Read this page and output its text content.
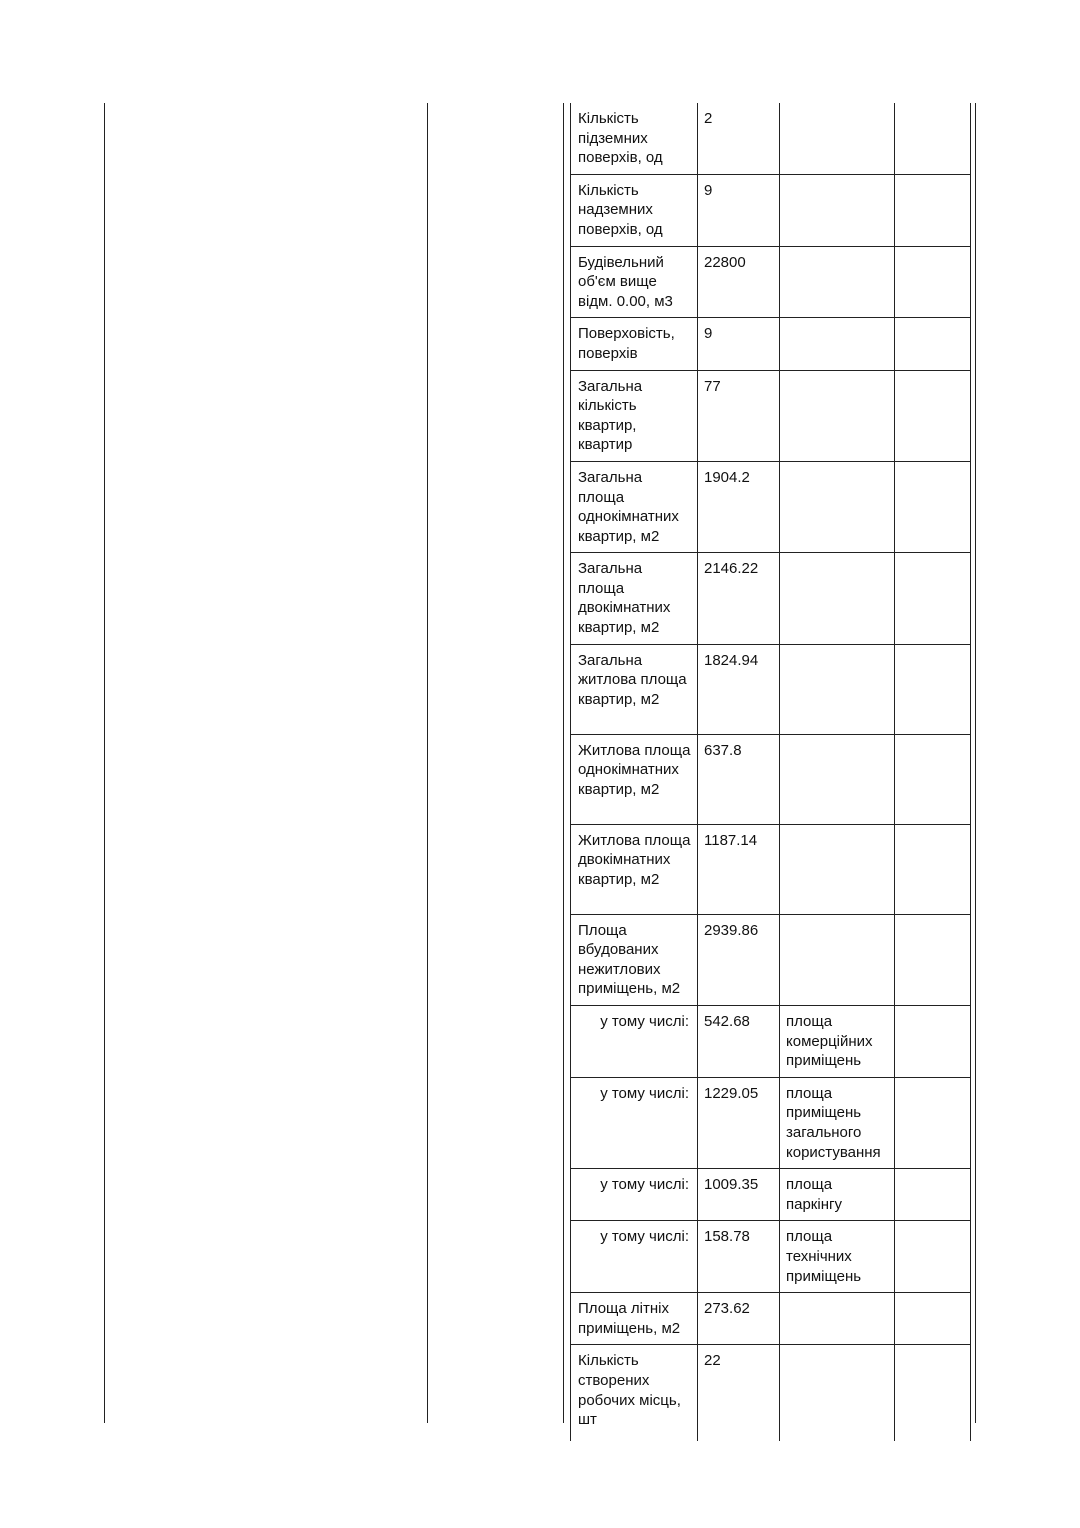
Кількість підземних поверхів, од	2		
Кількість надземних поверхів, од	9		
Будівельний об'єм вище відм. 0.00, м3	22800		
Поверховість, поверхів	9		
Загальна кількість квартир, квартир	77		
Загальна площа однокімнатних квартир, м2	1904.2		
Загальна площа двокімнатних квартир, м2	2146.22		
Загальна житлова площа квартир, м2	1824.94		
Житлова площа однокімнатних квартир, м2	637.8		
Житлова площа двокімнатних квартир, м2	1187.14		
Площа вбудованих нежитлових приміщень, м2	2939.86		
у тому числі:	542.68	площа комерційних приміщень	
у тому числі:	1229.05	площа приміщень загального користування	
у тому числі:	1009.35	площа паркінгу	
у тому числі:	158.78	площа технічних приміщень	
Площа літніх приміщень, м2	273.62		
Кількість створених робочих місць, шт	22		
